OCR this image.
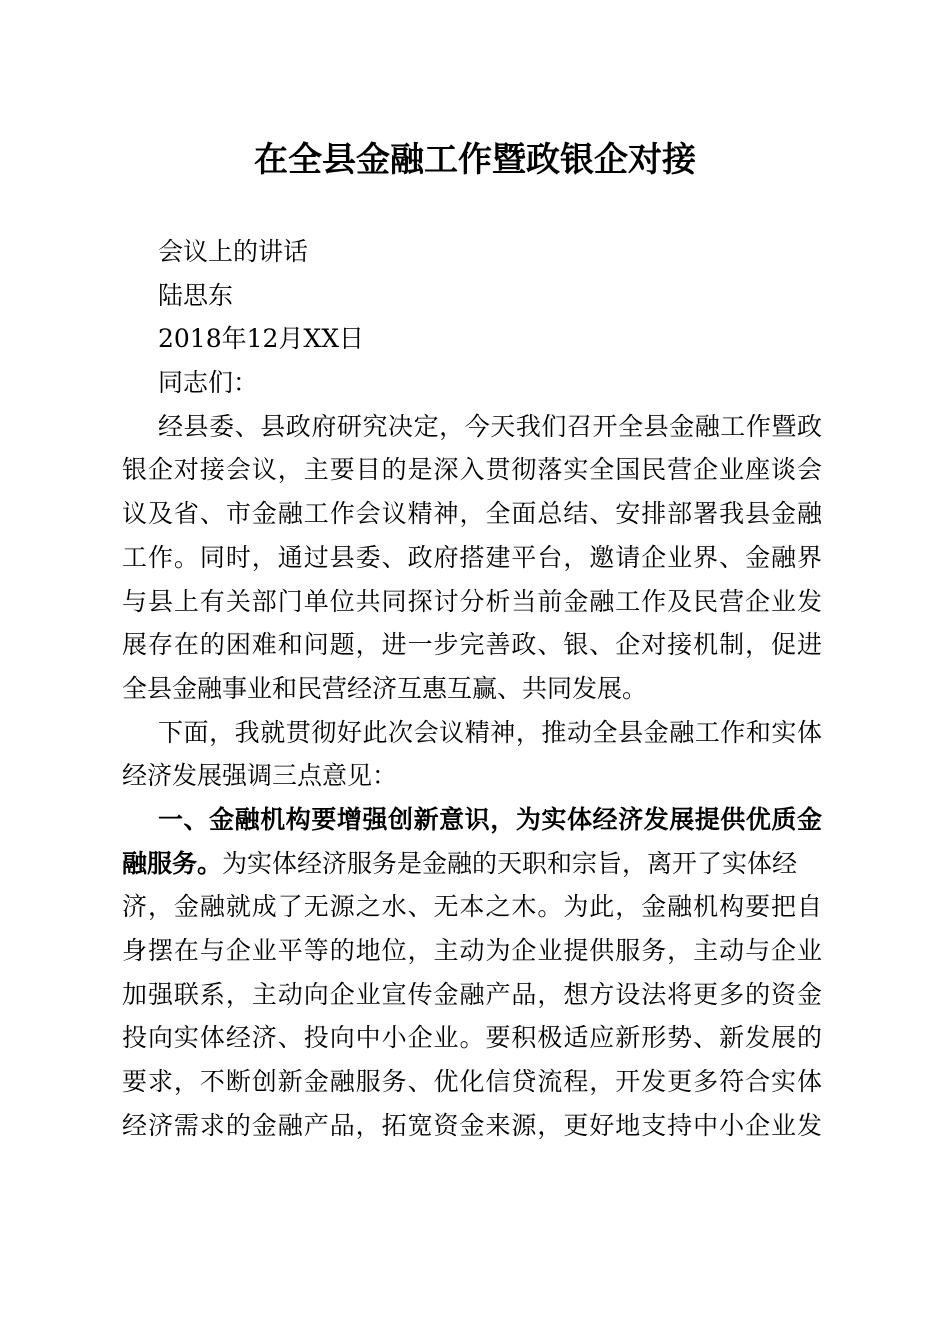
在全县金融工作暨政银企对接
会议上的讲话
陆思东
2018年12月XX日
同志们：
经县委、县政府研究决定，今天我们召开全县金融工作暨政
银企对接会议，主要目的是深入贯彻落实全国民营企业座谈会
议及省、市金融工作会议精神，全面总结、安排部署我县金融
工作。同时，通过县委、政府搭建平台，邀请企业界、金融界
与县上有关部门单位共同探讨分析当前金融工作及民营企业发
展存在的困难和问题，进一步完善政、银、企对接机制，促进
全县金融事业和民营经济互惠互赢、共同发展。
下面，我就贯彻好此次会议精神，推动全县金融工作和实体
经济发展强调三点意见：
一、金融机构要增强创新意识，为实体经济发展提供优质金
融服务。为实体经济服务是金融的天职和宗旨，离开了实体经
济，金融就成了无源之水、无本之木。为此，金融机构要把自
身摆在与企业平等的地位，主动为企业提供服务，主动与企业
加强联系，主动向企业宣传金融产品，想方设法将更多的资金
投向实体经济、投向中小企业。要积极适应新形势、新发展的
要求，不断创新金融服务、优化信贷流程，开发更多符合实体
经济需求的金融产品，拓宽资金来源，更好地支持中小企业发
